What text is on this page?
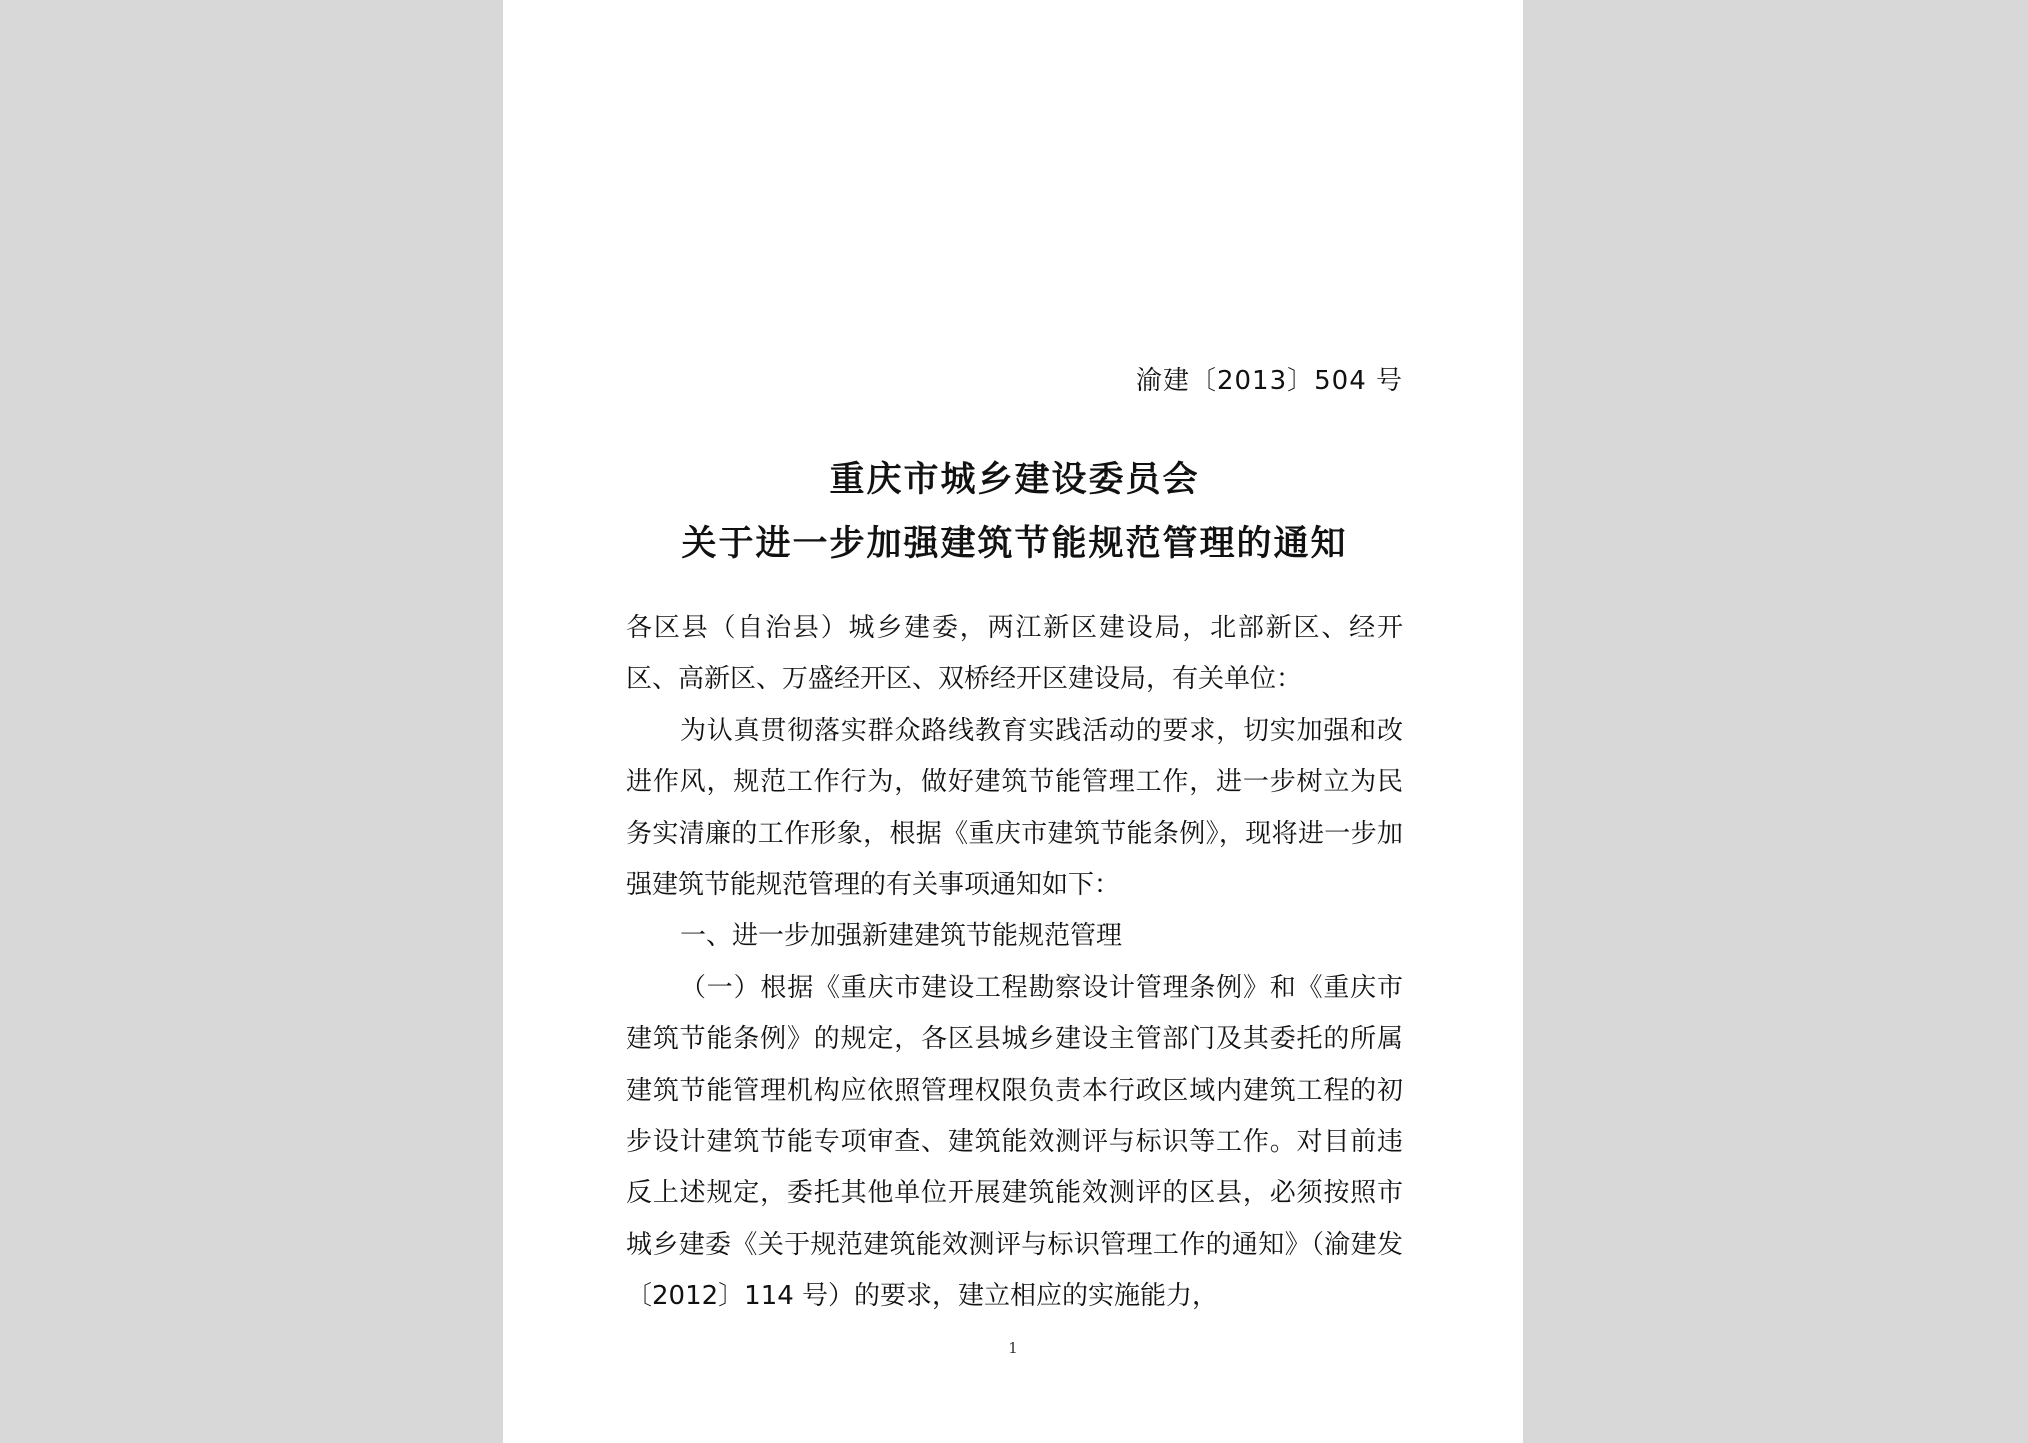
渝建〔2013〕504 号
重庆市城乡建设委员会
关于进一步加强建筑节能规范管理的通知

各区县（自治县）城乡建委，两江新区建设局，北部新区、经开区、高新区、万盛经开区、双桥经开区建设局，有关单位：

为认真贯彻落实群众路线教育实践活动的要求，切实加强和改进作风，规范工作行为，做好建筑节能管理工作，进一步树立为民务实清廉的工作形象，根据《重庆市建筑节能条例》，现将进一步加强建筑节能规范管理的有关事项通知如下：

一、进一步加强新建建筑节能规范管理

（一）根据《重庆市建设工程勘察设计管理条例》和《重庆市建筑节能条例》的规定，各区县城乡建设主管部门及其委托的所属建筑节能管理机构应依照管理权限负责本行政区域内建筑工程的初步设计建筑节能专项审查、建筑能效测评与标识等工作。对目前违反上述规定，委托其他单位开展建筑能效测评的区县，必须按照市城乡建委《关于规范建筑能效测评与标识管理工作的通知》（渝建发〔2012〕114 号）的要求，建立相应的实施能力，

1
